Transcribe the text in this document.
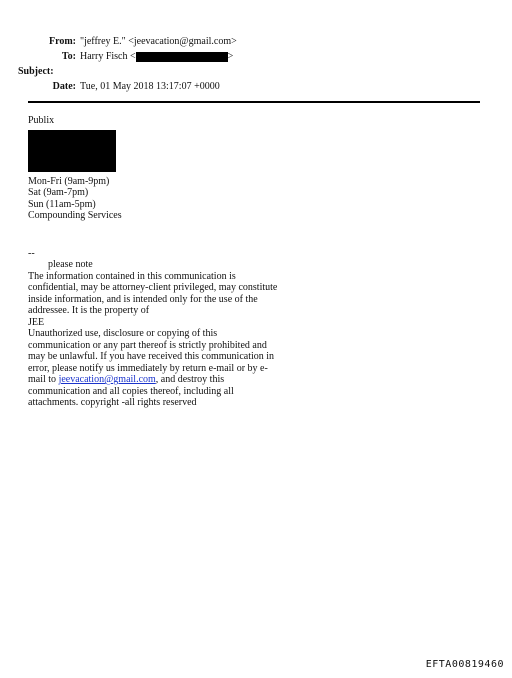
From: "jeffrey E." <jeevacation@gmail.com>
To: Harry Fisch <	>
Subject:
Date: Tue, 01 May 2018 13:17:07 +0000

Publix

Mon-Fri (9am-9pm)

Sat (9am-7pm)

Sun (11am-5pm)

Compounding Services

--

please note

The information contained in this communication is confidential, may be attorney-client privileged, may constitute inside information, and is intended only for the use of the addressee. It is the property of

JEE

Unauthorized use, disclosure or copying of this communication or any part thereof is strictly prohibited and may be unlawful. If you have received this communication in error, please notify us immediately by return e-mail or by e-mail to jeevacation@gmail.com, and destroy this communication and all copies thereof, including all attachments. copyright -all rights reserved

EFTA00819460
